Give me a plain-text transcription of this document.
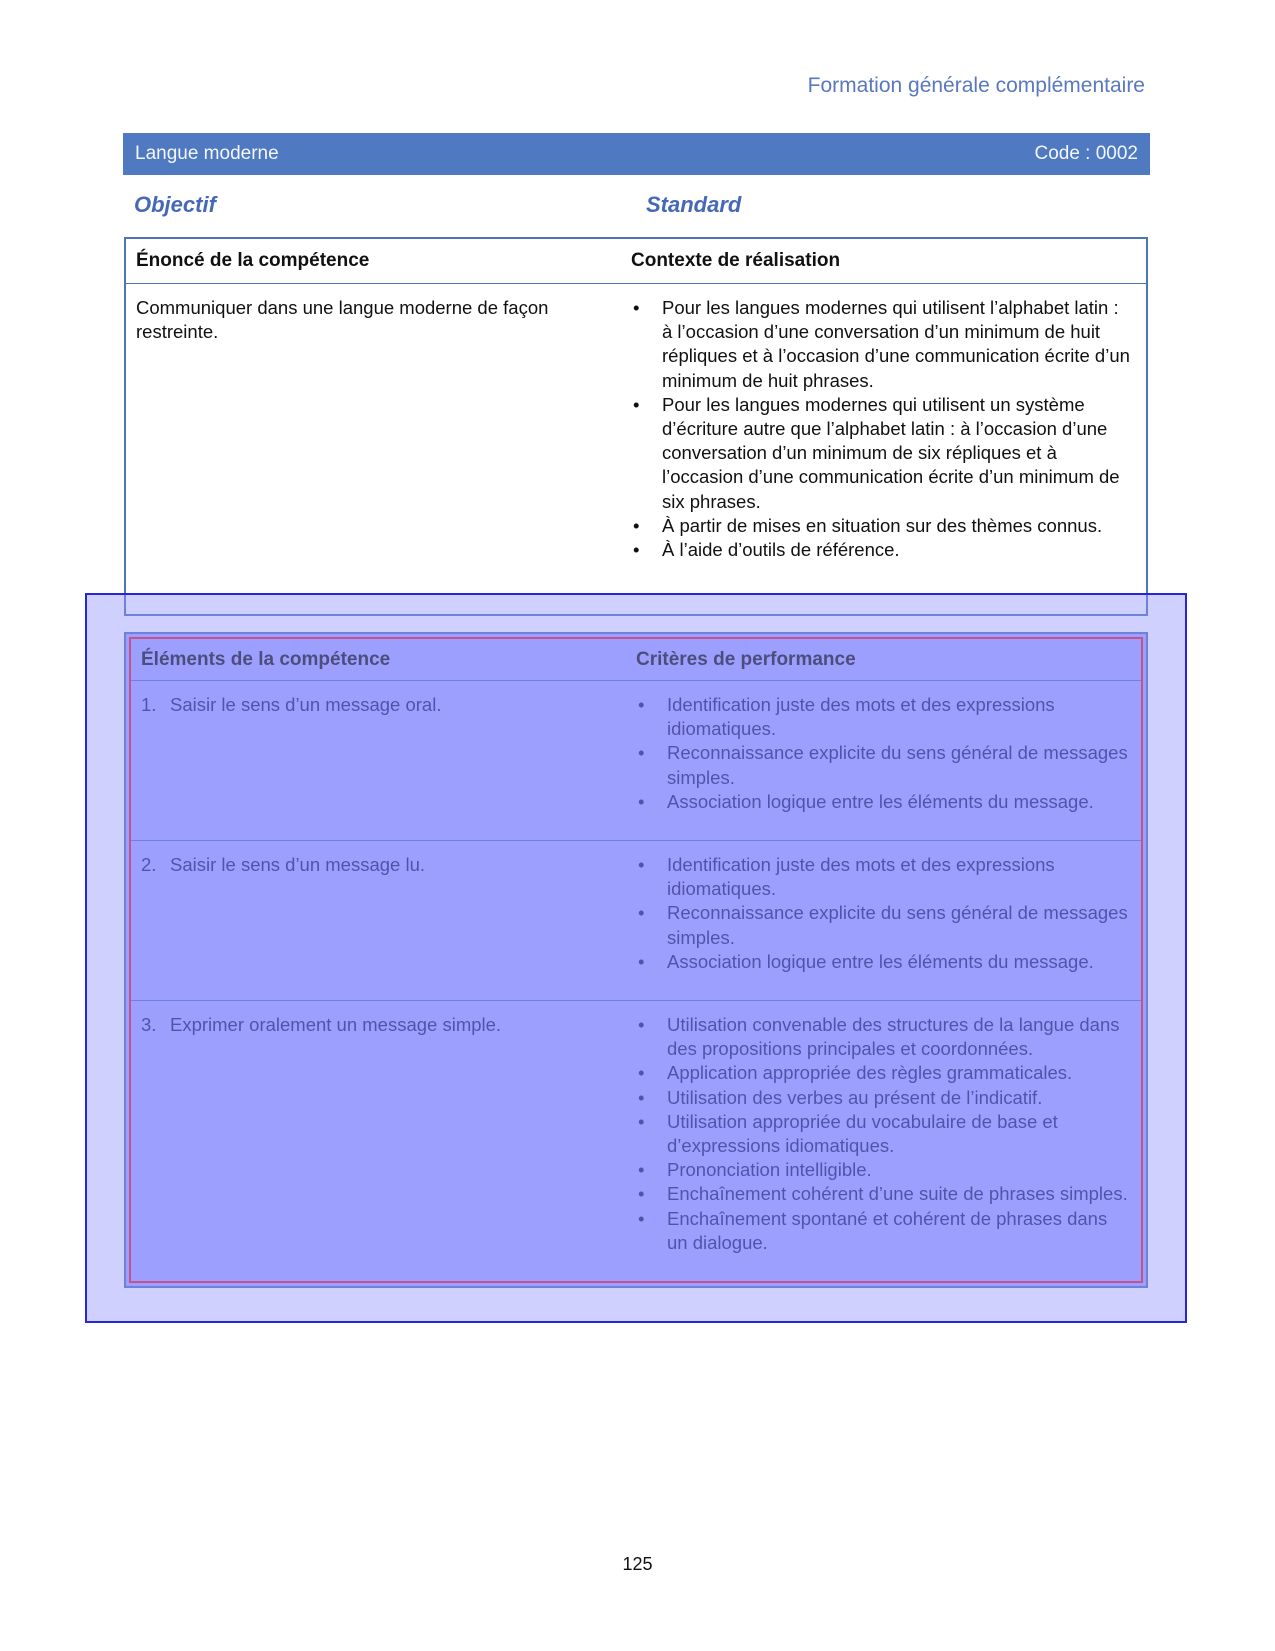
Formation générale complémentaire
Langue moderne	Code : 0002
Objectif	Standard
Énoncé de la compétence	Contexte de réalisation
Communiquer dans une langue moderne de façon restreinte.
• Pour les langues modernes qui utilisent l’alphabet latin : à l’occasion d’une conversation d’un minimum de huit répliques et à l’occasion d’une communication écrite d’un minimum de huit phrases.
• Pour les langues modernes qui utilisent un système d’écriture autre que l’alphabet latin : à l’occasion d’une conversation d’un minimum de six répliques et à l’occasion d’une communication écrite d’un minimum de six phrases.
• À partir de mises en situation sur des thèmes connus.
• À l’aide d’outils de référence.
Éléments de la compétence	Critères de performance
1. Saisir le sens d’un message oral.	• Identification juste des mots et des expressions idiomatiques.
• Reconnaissance explicite du sens général de messages simples.
• Association logique entre les éléments du message.
2. Saisir le sens d’un message lu.	• Identification juste des mots et des expressions idiomatiques.
• Reconnaissance explicite du sens général de messages simples.
• Association logique entre les éléments du message.
3. Exprimer oralement un message simple.	• Utilisation convenable des structures de la langue dans des propositions principales et coordonnées.
• Application appropriée des règles grammaticales.
• Utilisation des verbes au présent de l’indicatif.
• Utilisation appropriée du vocabulaire de base et d’expressions idiomatiques.
• Prononciation intelligible.
• Enchaînement cohérent d’une suite de phrases simples.
• Enchaînement spontané et cohérent de phrases dans un dialogue.
125
